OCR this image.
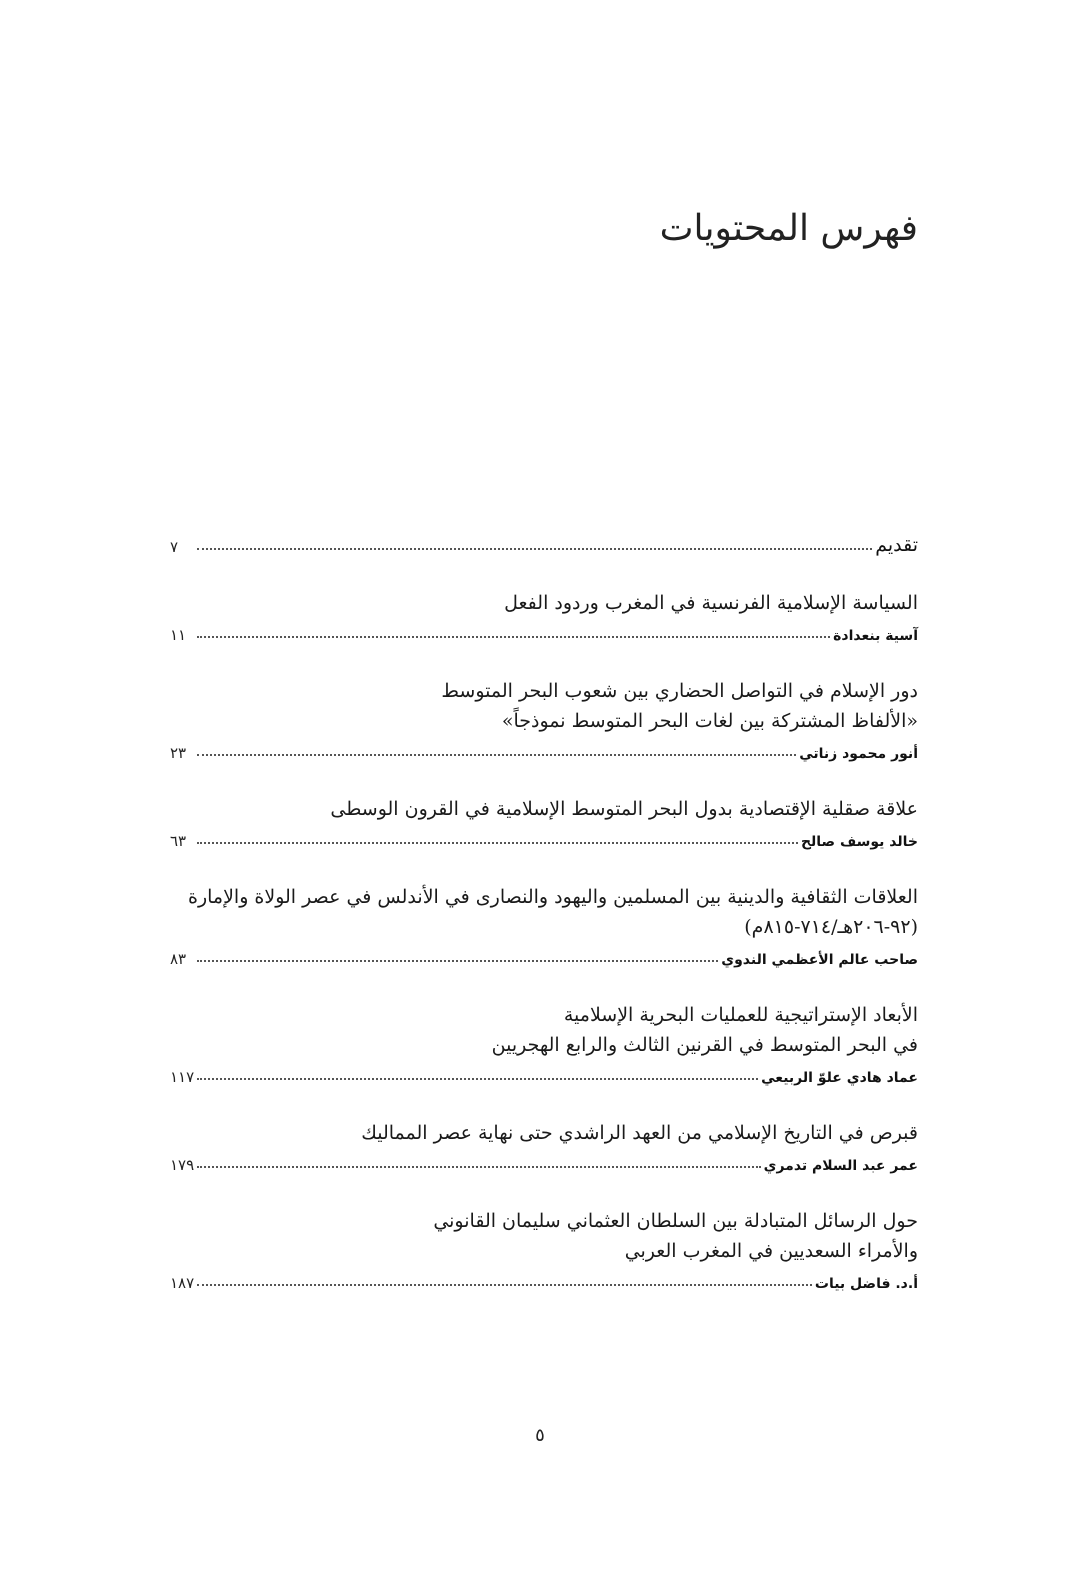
فهرس المحتويات
تقديم
٧
السياسة الإسلامية الفرنسية في المغرب وردود الفعل
آسية بنعدادة
١١
دور الإسلام في التواصل الحضاري بين شعوب البحر المتوسط
«الألفاظ المشتركة بين لغات البحر المتوسط نموذجاً»
أنور محمود زناتي
٢٣
علاقة صقلية الإقتصادية بدول البحر المتوسط الإسلامية في القرون الوسطى
خالد يوسف صالح
٦٣
العلاقات الثقافية والدينية بين المسلمين واليهود والنصارى في الأندلس في عصر الولاة والإمارة
(٩٢-٢٠٦هـ/٧١٤-٨١٥م)
صاحب عالم الأعظمي الندوي
٨٣
الأبعاد الإستراتيجية للعمليات البحرية الإسلامية
في البحر المتوسط في القرنين الثالث والرابع الهجريين
عماد هادي علوّ الربيعي
١١٧
قبرص في التاريخ الإسلامي من العهد الراشدي حتى نهاية عصر المماليك
عمر عبد السلام تدمري
١٧٩
حول الرسائل المتبادلة بين السلطان العثماني سليمان القانوني
والأمراء السعديين في المغرب العربي
أ.د. فاضل بيات
١٨٧
٥
